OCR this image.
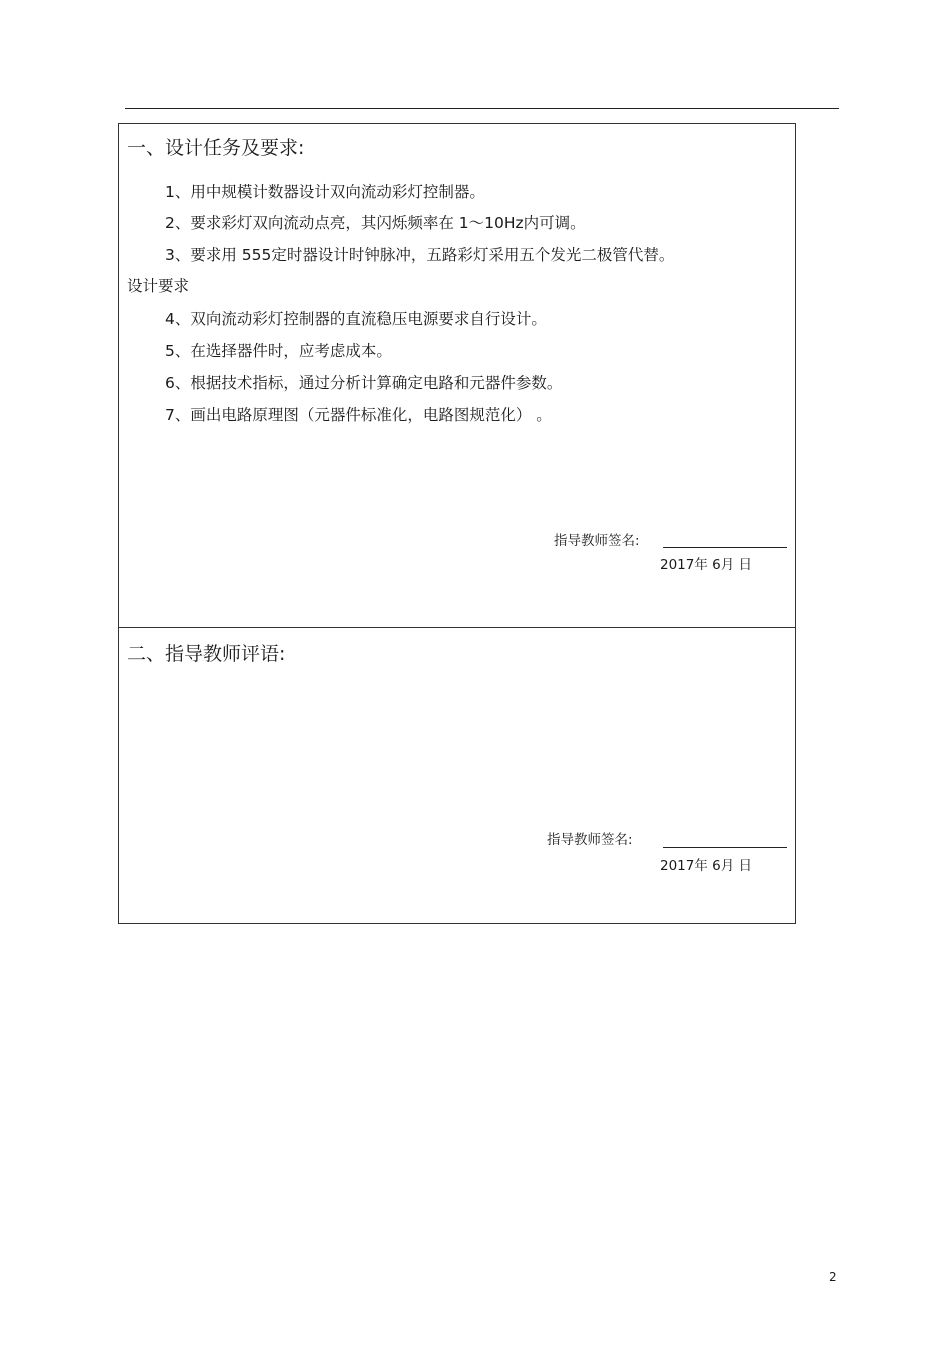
一、设计任务及要求:
1、用中规模计数器设计双向流动彩灯控制器。
2、要求彩灯双向流动点亮，其闪烁频率在 1～10Hz内可调。
3、要求用 555定时器设计时钟脉冲，五路彩灯采用五个发光二极管代替。
设计要求
4、双向流动彩灯控制器的直流稳压电源要求自行设计。
5、在选择器件时，应考虑成本。
6、根据技术指标，通过分析计算确定电路和元器件参数。
7、画出电路原理图（元器件标准化，电路图规范化） 。
指导教师签名:
2017年 6月 日
二、指导教师评语:
指导教师签名:
2017年 6月 日
2
